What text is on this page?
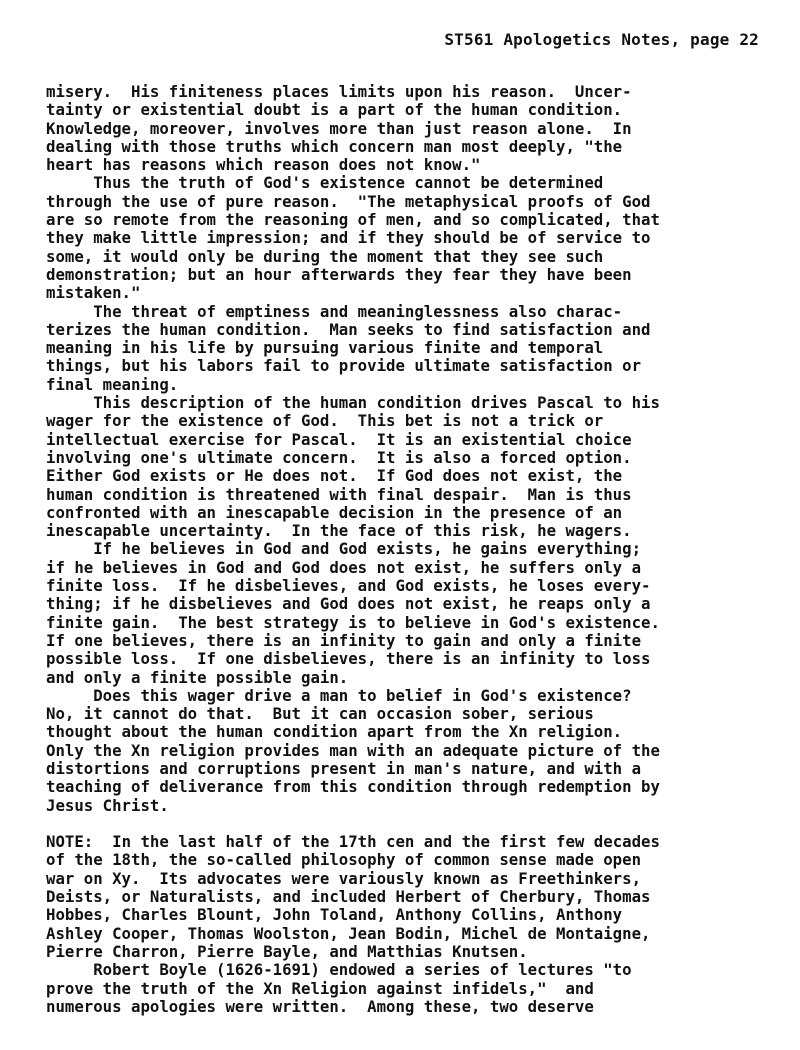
ST561 Apologetics Notes, page 22
misery.  His finiteness places limits upon his reason.  Uncer-
tainty or existential doubt is a part of the human condition.
Knowledge, moreover, involves more than just reason alone.  In
dealing with those truths which concern man most deeply, "the
heart has reasons which reason does not know."
Thus the truth of God's existence cannot be determined
through the use of pure reason.  "The metaphysical proofs of God
are so remote from the reasoning of men, and so complicated, that
they make little impression; and if they should be of service to
some, it would only be during the moment that they see such
demonstration; but an hour afterwards they fear they have been
mistaken."
The threat of emptiness and meaninglessness also charac-
terizes the human condition.  Man seeks to find satisfaction and
meaning in his life by pursuing various finite and temporal
things, but his labors fail to provide ultimate satisfaction or
final meaning.
This description of the human condition drives Pascal to his
wager for the existence of God.  This bet is not a trick or
intellectual exercise for Pascal.  It is an existential choice
involving one's ultimate concern.  It is also a forced option.
Either God exists or He does not.  If God does not exist, the
human condition is threatened with final despair.  Man is thus
confronted with an inescapable decision in the presence of an
inescapable uncertainty.  In the face of this risk, he wagers.
If he believes in God and God exists, he gains everything;
if he believes in God and God does not exist, he suffers only a
finite loss.  If he disbelieves, and God exists, he loses every-
thing; if he disbelieves and God does not exist, he reaps only a
finite gain.  The best strategy is to believe in God's existence.
If one believes, there is an infinity to gain and only a finite
possible loss.  If one disbelieves, there is an infinity to loss
and only a finite possible gain.
Does this wager drive a man to belief in God's existence?
No, it cannot do that.  But it can occasion sober, serious
thought about the human condition apart from the Xn religion.
Only the Xn religion provides man with an adequate picture of the
distortions and corruptions present in man's nature, and with a
teaching of deliverance from this condition through redemption by
Jesus Christ.
NOTE:  In the last half of the 17th cen and the first few decades
of the 18th, the so-called philosophy of common sense made open
war on Xy.  Its advocates were variously known as Freethinkers,
Deists, or Naturalists, and included Herbert of Cherbury, Thomas
Hobbes, Charles Blount, John Toland, Anthony Collins, Anthony
Ashley Cooper, Thomas Woolston, Jean Bodin, Michel de Montaigne,
Pierre Charron, Pierre Bayle, and Matthias Knutsen.
Robert Boyle (1626-1691) endowed a series of lectures "to
prove the truth of the Xn Religion against infidels,"  and
numerous apologies were written.  Among these, two deserve
